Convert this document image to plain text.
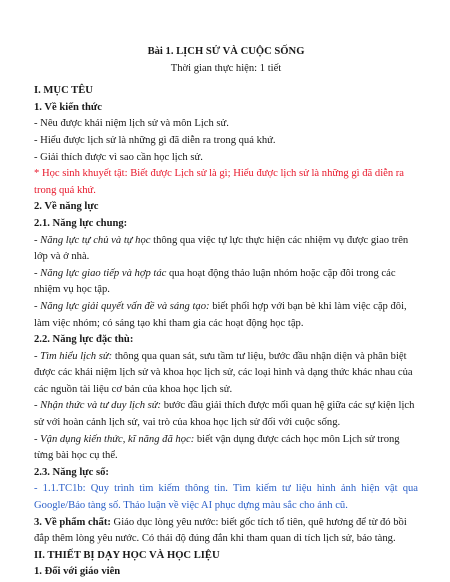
Bài 1. LỊCH SỬ VÀ CUỘC SỐNG

Thời gian thực hiện: 1 tiết

I. MỤC TÊU

1. Về kiến thức

- Nêu được khái niệm lịch sử và môn Lịch sử.

- Hiểu được lịch sử là những gì đã diễn ra trong quá khứ.

- Giải thích được vì sao cần học lịch sử.

* Học sinh khuyết tật: Biết được Lịch sử là gì; Hiểu được lịch sử là những gì đã diễn ra trong quá khứ.

2. Về năng lực

2.1. Năng lực chung:

- Năng lực tự chủ và tự học thông qua việc tự lực thực hiện các nhiệm vụ được giao trên lớp và ở nhà.

- Năng lực giao tiếp và hợp tác qua hoạt động thảo luận nhóm hoặc cặp đôi trong các nhiệm vụ học tập.

- Năng lực giải quyết vấn đề và sáng tạo: biết phối hợp với bạn bè khi làm việc cặp đôi, làm việc nhóm; có sáng tạo khi tham gia các hoạt động học tập.

2.2. Năng lực đặc thù:

- Tìm hiểu lịch sử: thông qua quan sát, sưu tầm tư liệu, bước đầu nhận diện và phân biệt được các khái niệm lịch sử và khoa học lịch sử, các loại hình và dạng thức khác nhau của các nguồn tài liệu cơ bản của khoa học lịch sử.

- Nhận thức và tư duy lịch sử: bước đầu giải thích được mối quan hệ giữa các sự kiện lịch sử với hoàn cảnh lịch sử, vai trò của khoa học lịch sử đối với cuộc sống.

- Vận dụng kiến thức, kĩ năng đã học: biết vận dụng được cách học môn Lịch sử trong từng bài học cụ thể.

2.3. Năng lực số:

- 1.1.TC1b: Quy trình tìm kiếm thông tin. Tìm kiếm tư liệu hình ảnh hiện vật qua Google/Bảo tàng số. Thảo luận về việc AI phục dựng màu sắc cho ảnh cũ.

3. Về phẩm chất: Giáo dục lòng yêu nước: biết gốc tích tổ tiên, quê hương để từ đó bồi đắp thêm lòng yêu nước. Có thái độ đúng đắn khi tham quan di tích lịch sử, bảo tàng.

II. THIẾT BỊ DẠY HỌC VÀ HỌC LIỆU

1. Đối với giáo viên
